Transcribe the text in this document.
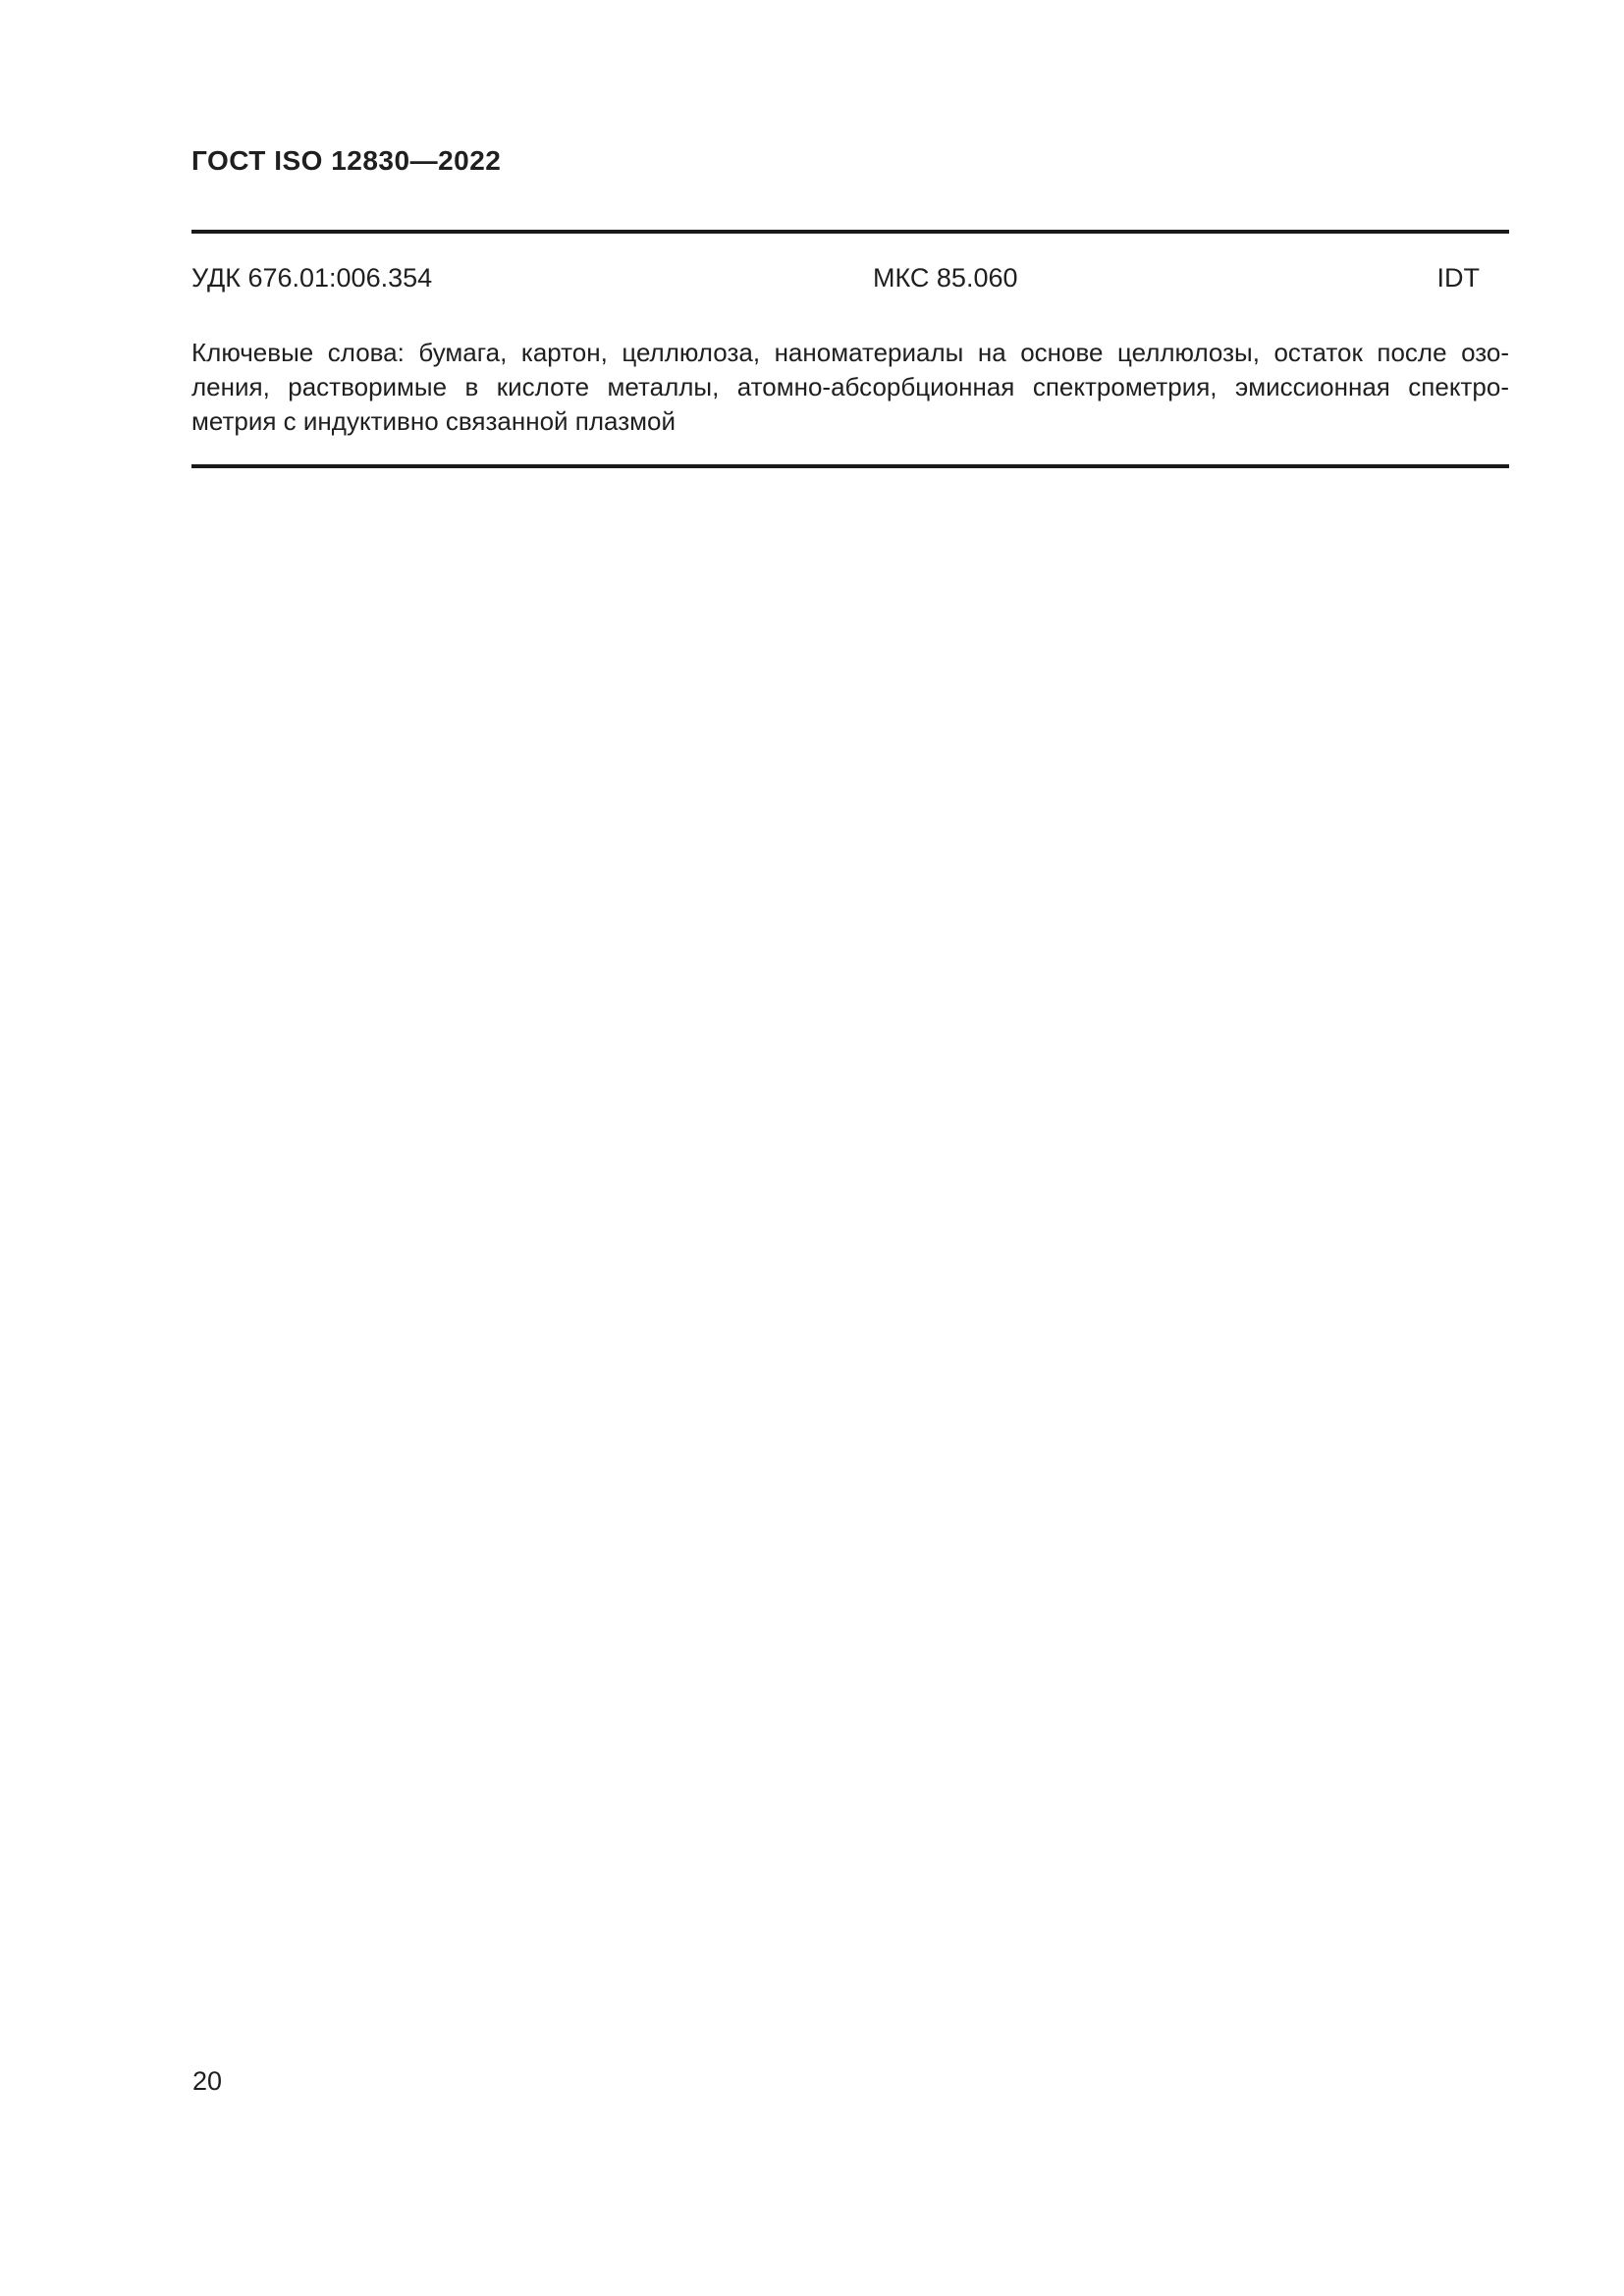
ГОСТ ISO 12830—2022
УДК 676.01:006.354	МКС 85.060	IDT
Ключевые слова: бумага, картон, целлюлоза, наноматериалы на основе целлюлозы, остаток после озо-
ления, растворимые в кислоте металлы, атомно-абсорбционная спектрометрия, эмиссионная спектро-
метрия с индуктивно связанной плазмой
20
